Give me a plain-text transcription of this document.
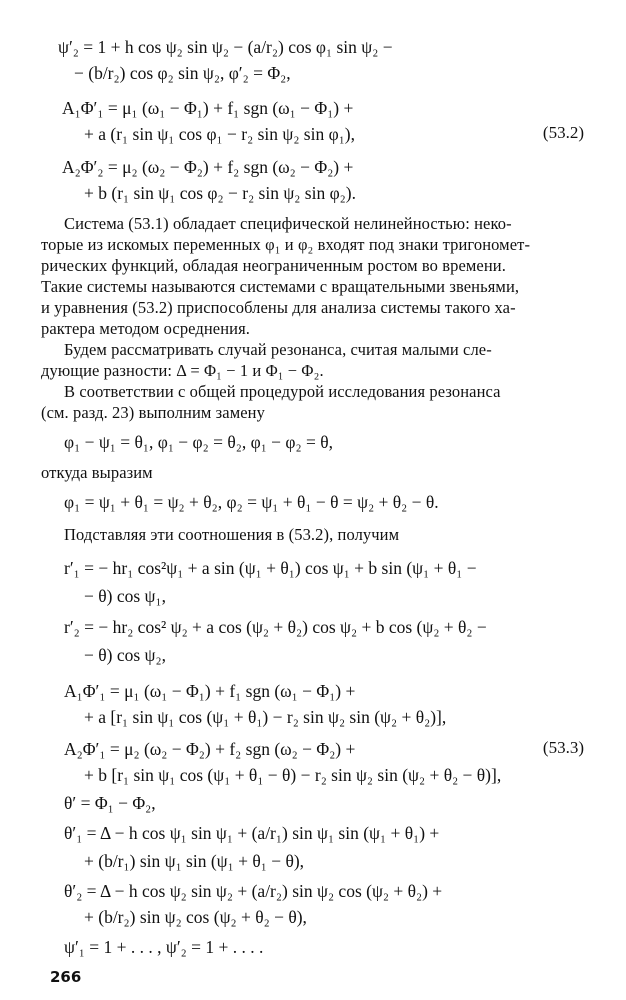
ψ′₂ = 1 + h cos ψ₂ sin ψ₂ − (a/r₂) cos φ₁ sin ψ₂ −
− (b/r₂) cos φ₂ sin ψ₂, φ′₂ = Φ₂,
A₁Φ′₁ = μ₁ (ω₁ − Φ₁) + f₁ sgn (ω₁ − Φ₁) +
+ a (r₁ sin ψ₁ cos φ₁ − r₂ sin ψ₂ sin φ₁),	(53.2)
A₂Φ′₂ = μ₂ (ω₂ − Φ₂) + f₂ sgn (ω₂ − Φ₂) +
+ b (r₁ sin ψ₁ cos φ₂ − r₂ sin ψ₂ sin φ₂).
Система (53.1) обладает специфической нелинейностью: неко-
торые из искомых переменных φ₁ и φ₂ входят под знаки тригономет-
рических функций, обладая неограниченным ростом во времени.
Такие системы называются системами с вращательными звеньями,
и уравнения (53.2) приспособлены для анализа системы такого ха-
рактера методом осреднения.
Будем рассматривать случай резонанса, считая малыми сле-
дующие разности: Δ = Φ₁ − 1 и Φ₁ − Φ₂.
В соответствии с общей процедурой исследования резонанса
(см. разд. 23) выполним замену
φ₁ − ψ₁ = θ₁, φ₁ − φ₂ = θ₂, φ₁ − φ₂ = θ,
откуда выразим
φ₁ = ψ₁ + θ₁ = ψ₂ + θ₂, φ₂ = ψ₁ + θ₁ − θ = ψ₂ + θ₂ − θ.
Подставляя эти соотношения в (53.2), получим
r′₁ = − hr₁ cos²ψ₁ + a sin (ψ₁ + θ₁) cos ψ₁ + b sin (ψ₁ + θ₁ −
− θ) cos ψ₁,
r′₂ = − hr₂ cos² ψ₂ + a cos (ψ₂ + θ₂) cos ψ₂ + b cos (ψ₂ + θ₂ −
− θ) cos ψ₂,
A₁Φ′₁ = μ₁ (ω₁ − Φ₁) + f₁ sgn (ω₁ − Φ₁) +
+ a [r₁ sin ψ₁ cos (ψ₁ + θ₁) − r₂ sin ψ₂ sin (ψ₂ + θ₂)],
A₂Φ′₁ = μ₂ (ω₂ − Φ₂) + f₂ sgn (ω₂ − Φ₂) +	(53.3)
+ b [r₁ sin ψ₁ cos (ψ₁ + θ₁ − θ) − r₂ sin ψ₂ sin (ψ₂ + θ₂ − θ)],
θ′ = Φ₁ − Φ₂,
θ′₁ = Δ − h cos ψ₁ sin ψ₁ + (a/r₁) sin ψ₁ sin (ψ₁ + θ₁) +
+ (b/r₁) sin ψ₁ sin (ψ₁ + θ₁ − θ),
θ′₂ = Δ − h cos ψ₂ sin ψ₂ + (a/r₂) sin ψ₂ cos (ψ₂ + θ₂) +
+ (b/r₂) sin ψ₂ cos (ψ₂ + θ₂ − θ),
ψ′₁ = 1 + . . . , ψ′₂ = 1 + . . . .
266
